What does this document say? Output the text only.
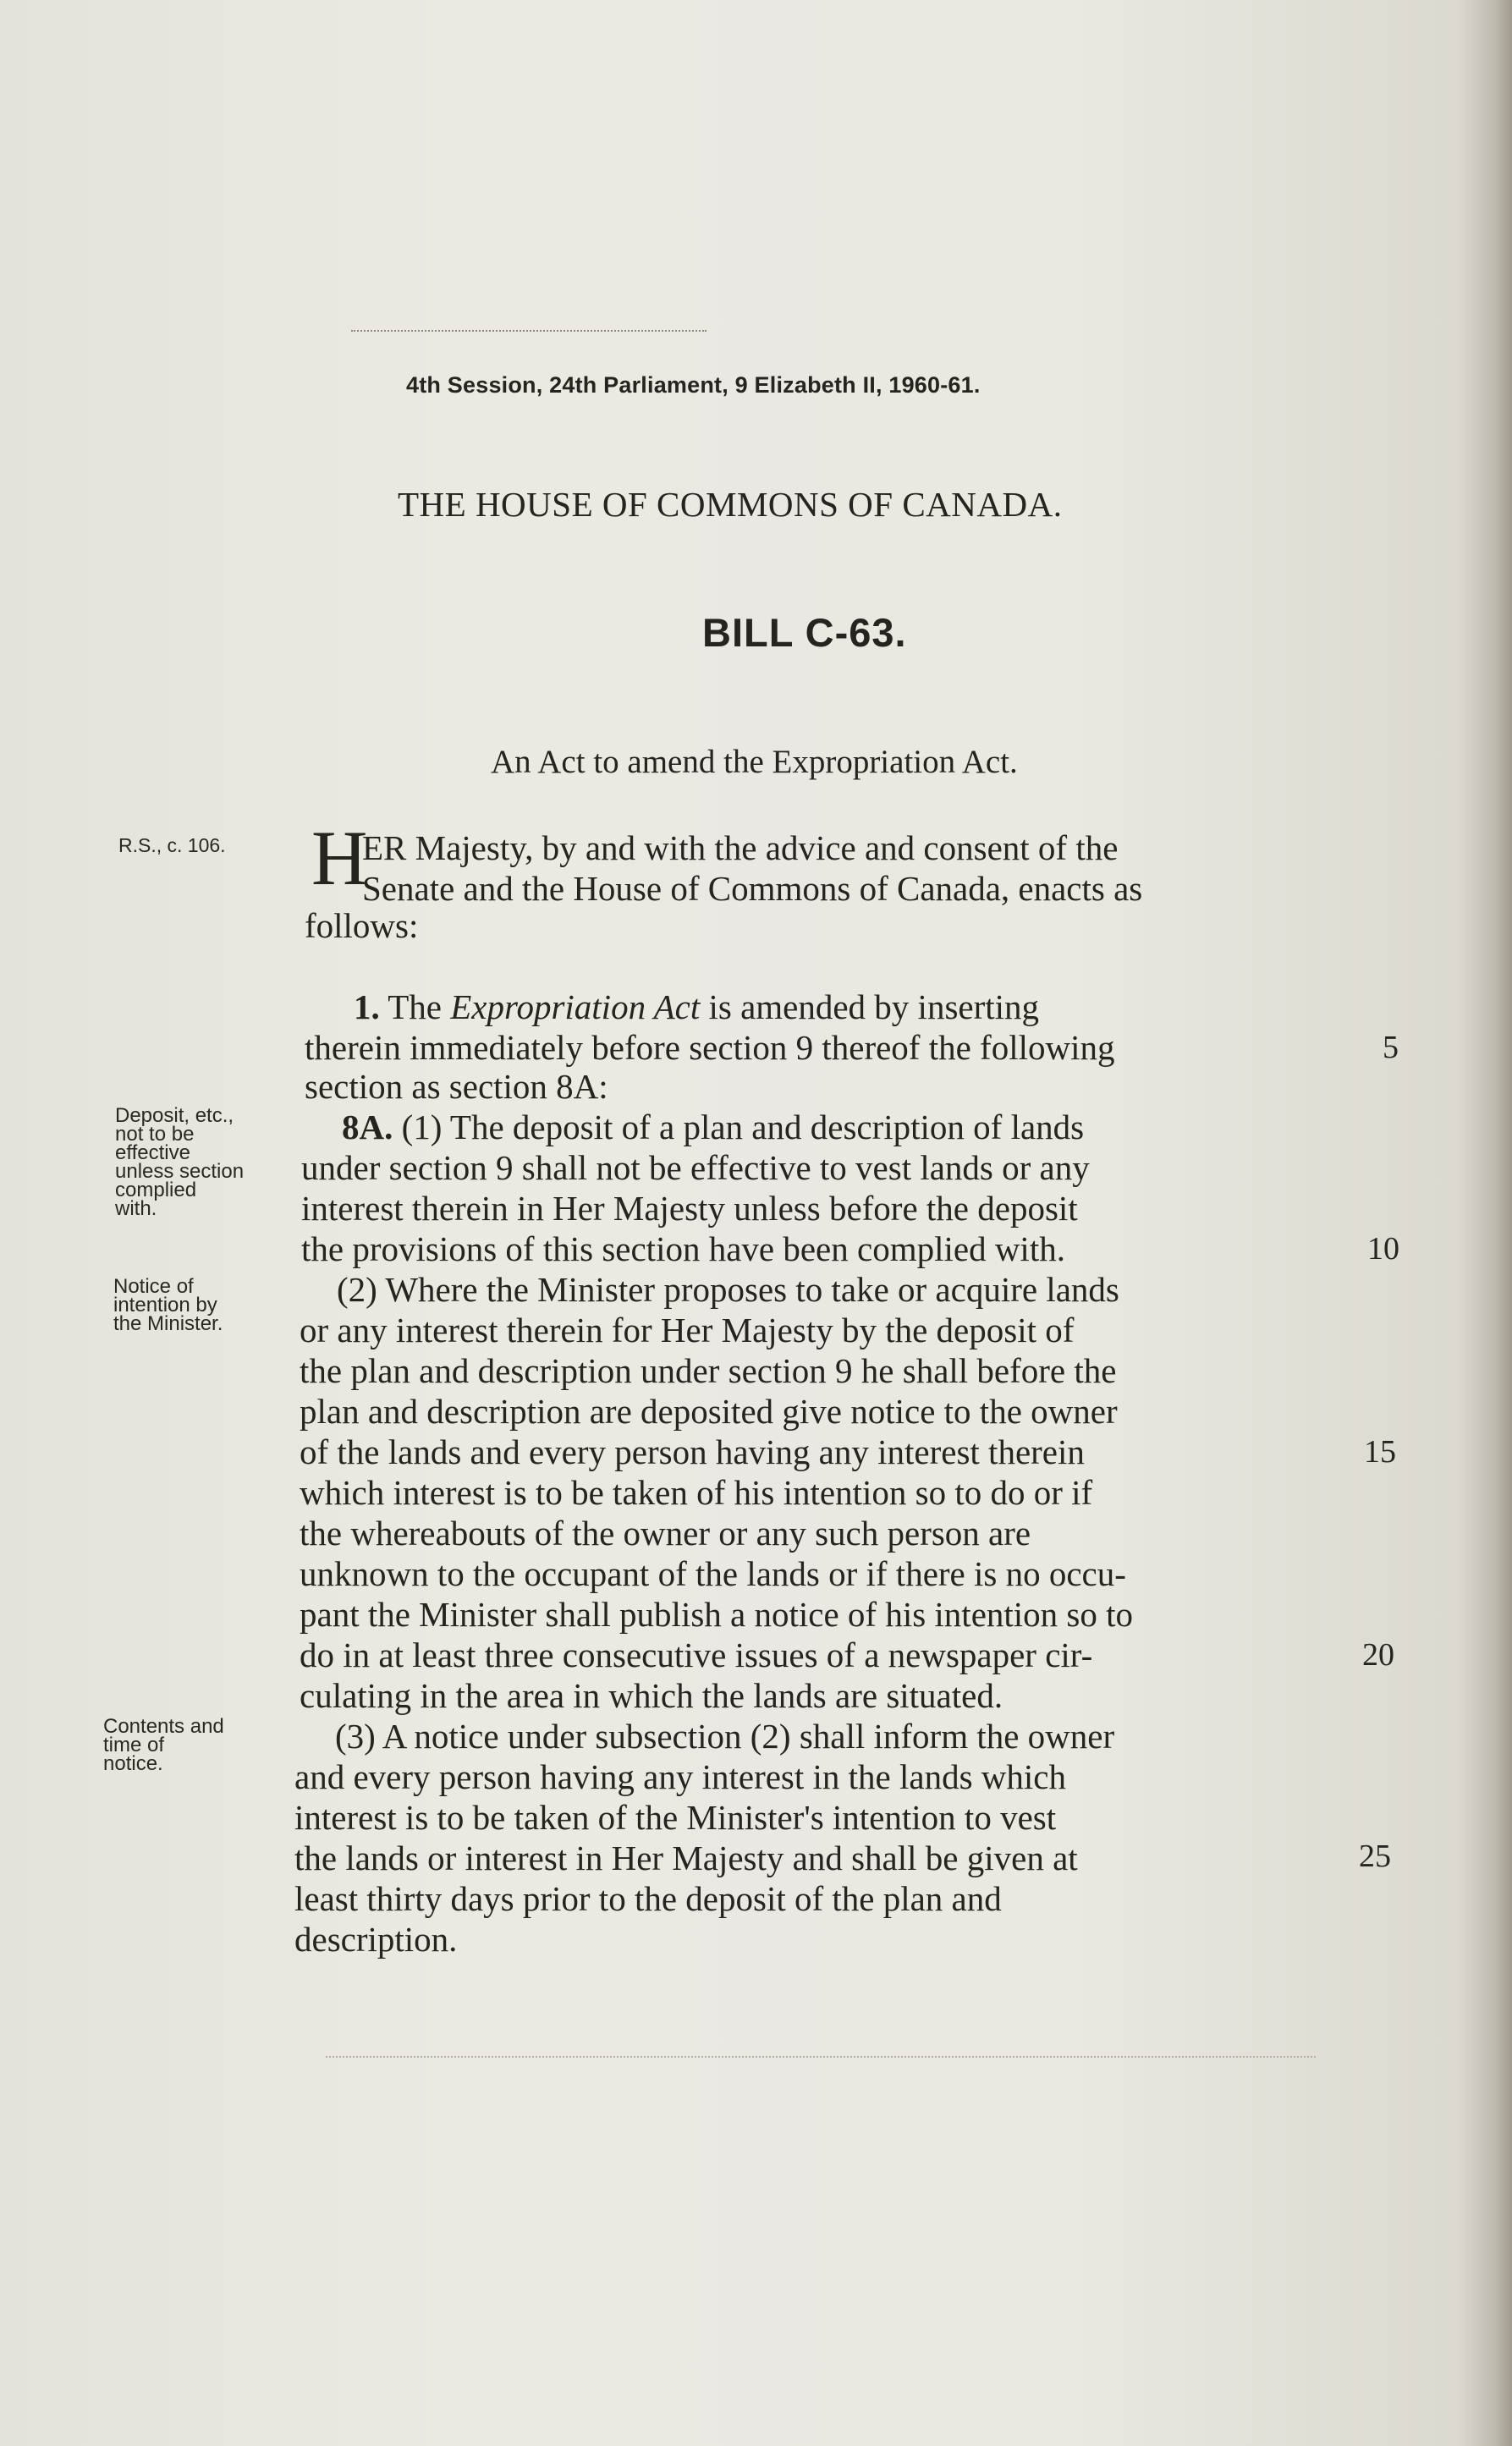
4th Session, 24th Parliament, 9 Elizabeth II, 1960-61.
THE HOUSE OF COMMONS OF CANADA.
BILL C-63.
An Act to amend the Expropriation Act.
R.S., c. 106.
Deposit, etc.,
not to be
effective
unless section
complied
with.
Notice of
intention by
the Minister.
Contents and
time of
notice.
H
ER Majesty, by and with the advice and consent of the
Senate and the House of Commons of Canada, enacts as
follows:
1. The Expropriation Act is amended by inserting
therein immediately before section 9 thereof the following
section as section 8A:
8A. (1) The deposit of a plan and description of lands
under section 9 shall not be effective to vest lands or any
interest therein in Her Majesty unless before the deposit
the provisions of this section have been complied with.
(2) Where the Minister proposes to take or acquire lands
or any interest therein for Her Majesty by the deposit of
the plan and description under section 9 he shall before the
plan and description are deposited give notice to the owner
of the lands and every person having any interest therein
which interest is to be taken of his intention so to do or if
the whereabouts of the owner or any such person are
unknown to the occupant of the lands or if there is no occu-
pant the Minister shall publish a notice of his intention so to
do in at least three consecutive issues of a newspaper cir-
culating in the area in which the lands are situated.
(3) A notice under subsection (2) shall inform the owner
and every person having any interest in the lands which
interest is to be taken of the Minister's intention to vest
the lands or interest in Her Majesty and shall be given at
least thirty days prior to the deposit of the plan and
description.
5
10
15
20
25
